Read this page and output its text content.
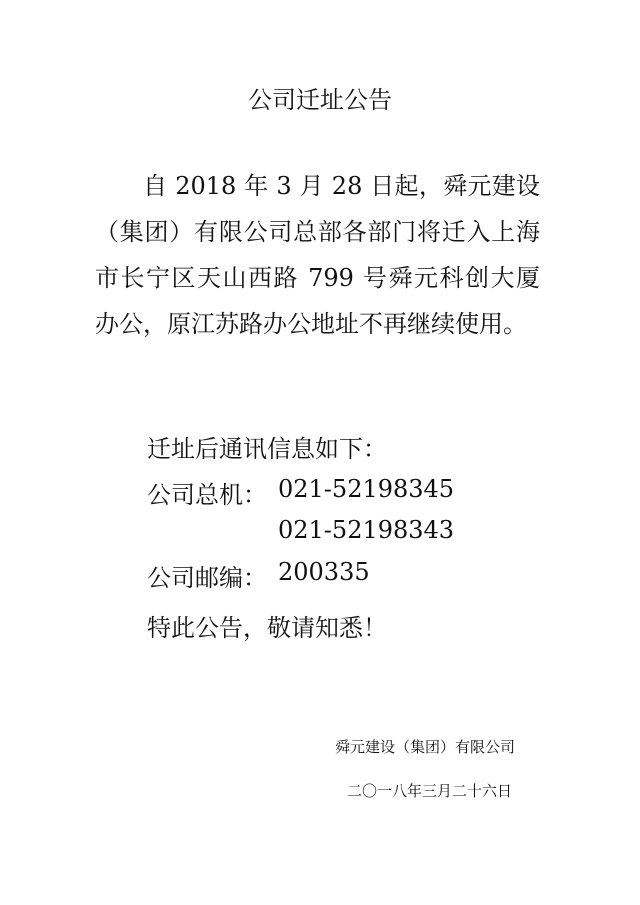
公司迁址公告
自 2018 年 3 月 28 日起，舜元建设（集团）有限公司总部各部门将迁入上海市长宁区天山西路 799 号舜元科创大厦办公，原江苏路办公地址不再继续使用。
迁址后通讯信息如下：
公司总机： 021-52198345
021-52198343
公司邮编： 200335
特此公告，敬请知悉！
舜元建设（集团）有限公司
二〇一八年三月二十六日
